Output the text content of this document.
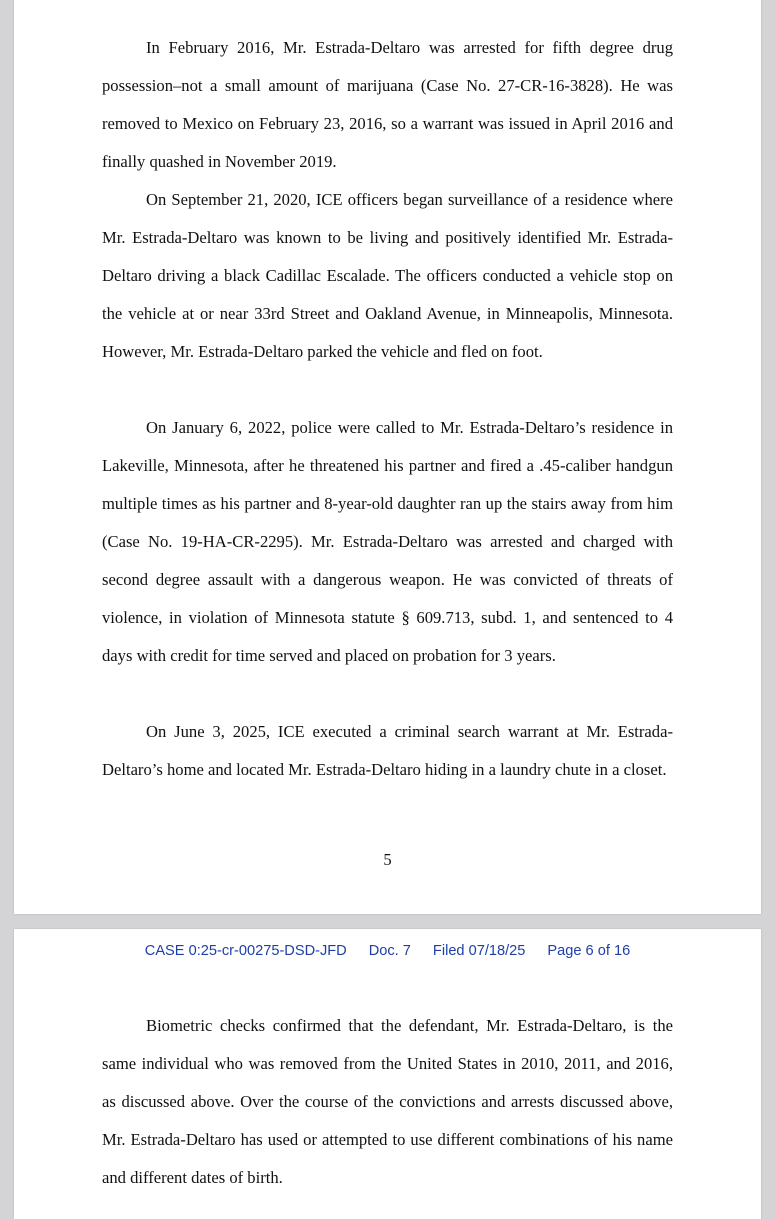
In February 2016, Mr. Estrada-Deltaro was arrested for fifth degree drug possession–not a small amount of marijuana (Case No. 27-CR-16-3828). He was removed to Mexico on February 23, 2016, so a warrant was issued in April 2016 and finally quashed in November 2019.

On September 21, 2020, ICE officers began surveillance of a residence where Mr. Estrada-Deltaro was known to be living and positively identified Mr. Estrada-Deltaro driving a black Cadillac Escalade. The officers conducted a vehicle stop on the vehicle at or near 33rd Street and Oakland Avenue, in Minneapolis, Minnesota. However, Mr. Estrada-Deltaro parked the vehicle and fled on foot.

On January 6, 2022, police were called to Mr. Estrada-Deltaro’s residence in Lakeville, Minnesota, after he threatened his partner and fired a .45-caliber handgun multiple times as his partner and 8-year-old daughter ran up the stairs away from him (Case No. 19-HA-CR-2295). Mr. Estrada-Deltaro was arrested and charged with second degree assault with a dangerous weapon. He was convicted of threats of violence, in violation of Minnesota statute § 609.713, subd. 1, and sentenced to 4 days with credit for time served and placed on probation for 3 years.

On June 3, 2025, ICE executed a criminal search warrant at Mr. Estrada-Deltaro’s home and located Mr. Estrada-Deltaro hiding in a laundry chute in a closet.

5
CASE 0:25-cr-00275-DSD-JFD Doc. 7 Filed 07/18/25 Page 6 of 16

Biometric checks confirmed that the defendant, Mr. Estrada-Deltaro, is the same individual who was removed from the United States in 2010, 2011, and 2016, as discussed above. Over the course of the convictions and arrests discussed above, Mr. Estrada-Deltaro has used or attempted to use different combinations of his name and different dates of birth.
